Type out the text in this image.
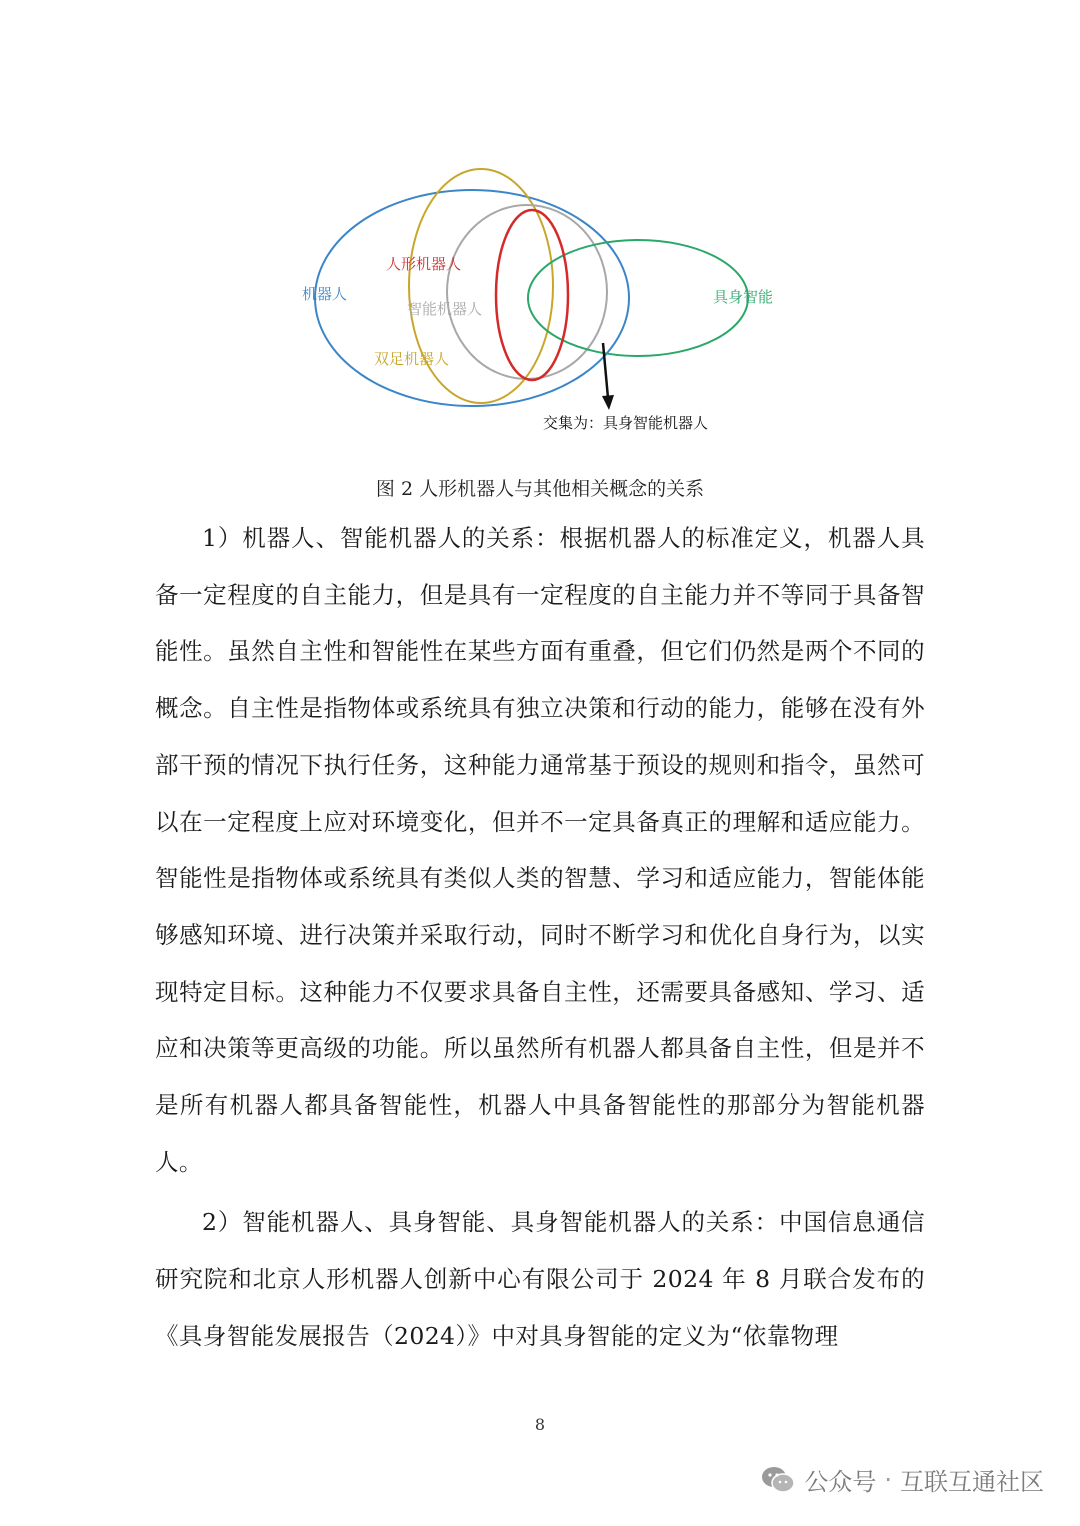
机器人
人形机器人
智能机器人
双足机器人
具身智能
交集为：具身智能机器人
图 2 人形机器人与其他相关概念的关系

1）机器人、智能机器人的关系：根据机器人的标准定义，机器人具备一定程度的自主能力，但是具有一定程度的自主能力并不等同于具备智能性。虽然自主性和智能性在某些方面有重叠，但它们仍然是两个不同的概念。自主性是指物体或系统具有独立决策和行动的能力，能够在没有外部干预的情况下执行任务，这种能力通常基于预设的规则和指令，虽然可以在一定程度上应对环境变化，但并不一定具备真正的理解和适应能力。智能性是指物体或系统具有类似人类的智慧、学习和适应能力，智能体能够感知环境、进行决策并采取行动，同时不断学习和优化自身行为，以实现特定目标。这种能力不仅要求具备自主性，还需要具备感知、学习、适应和决策等更高级的功能。所以虽然所有机器人都具备自主性，但是并不是所有机器人都具备智能性，机器人中具备智能性的那部分为智能机器人。

2）智能机器人、具身智能、具身智能机器人的关系：中国信息通信研究院和北京人形机器人创新中心有限公司于 2024 年 8 月联合发布的《具身智能发展报告（2024）》中对具身智能的定义为“依靠物理

8
公众号 · 互联互通社区
